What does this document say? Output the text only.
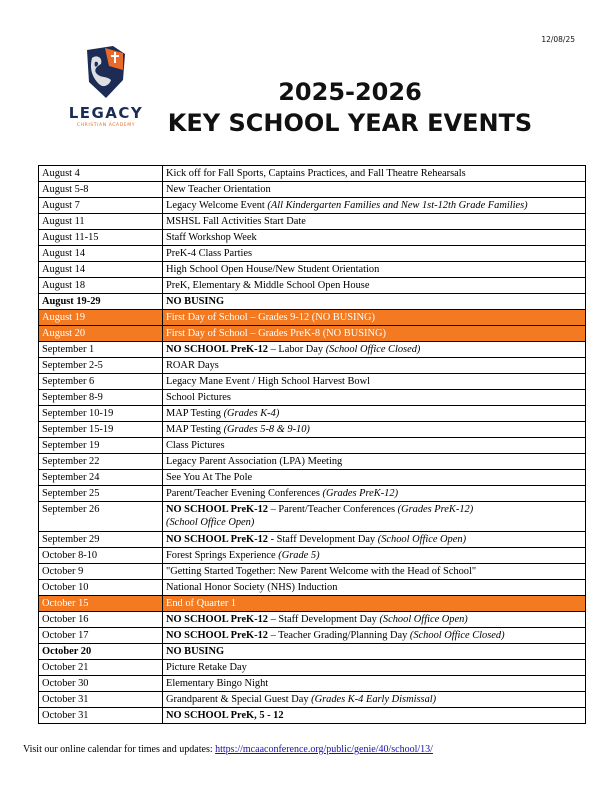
12/08/25
LEGACY
CHRISTIAN ACADEMY
2025-2026
KEY SCHOOL YEAR EVENTS
August 4	Kick off for Fall Sports, Captains Practices, and Fall Theatre Rehearsals
August 5-8	New Teacher Orientation
August 7	Legacy Welcome Event (All Kindergarten Families and New 1st-12th Grade Families)
August 11	MSHSL Fall Activities Start Date
August 11-15	Staff Workshop Week
August 14	PreK-4 Class Parties
August 14	High School Open House/New Student Orientation
August 18	PreK, Elementary & Middle School Open House
August 19-29	NO BUSING
August 19	First Day of School – Grades 9-12 (NO BUSING)
August 20	First Day of School – Grades PreK-8 (NO BUSING)
September 1	NO SCHOOL PreK-12 – Labor Day (School Office Closed)
September 2-5	ROAR Days
September 6	Legacy Mane Event / High School Harvest Bowl
September 8-9	School Pictures
September 10-19	MAP Testing (Grades K-4)
September 15-19	MAP Testing (Grades 5-8 & 9-10)
September 19	Class Pictures
September 22	Legacy Parent Association (LPA) Meeting
September 24	See You At The Pole
September 25	Parent/Teacher Evening Conferences (Grades PreK-12)
September 26	NO SCHOOL PreK-12 – Parent/Teacher Conferences (Grades PreK-12)
(School Office Open)
September 29	NO SCHOOL PreK-12 - Staff Development Day (School Office Open)
October 8-10	Forest Springs Experience (Grade 5)
October 9	"Getting Started Together: New Parent Welcome with the Head of School"
October 10	National Honor Society (NHS) Induction
October 15	End of Quarter 1
October 16	NO SCHOOL PreK-12 – Staff Development Day (School Office Open)
October 17	NO SCHOOL PreK-12 – Teacher Grading/Planning Day (School Office Closed)
October 20	NO BUSING
October 21	Picture Retake Day
October 30	Elementary Bingo Night
October 31	Grandparent & Special Guest Day (Grades K-4 Early Dismissal)
October 31	NO SCHOOL PreK, 5 - 12
Visit our online calendar for times and updates: https://mcaaconference.org/public/genie/40/school/13/
